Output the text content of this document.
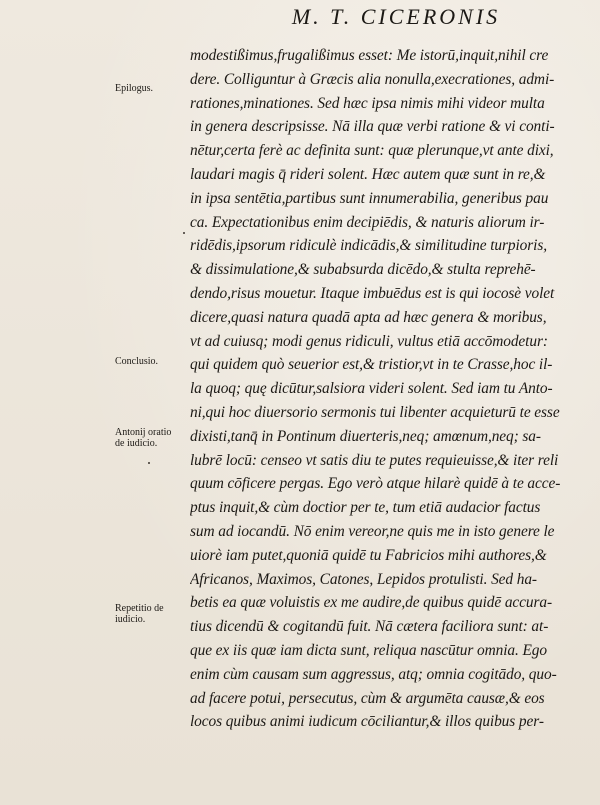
M. T. CICERONIS
Epilogus.
Conclusio.
Antonij oratio
de iudicio.
Repetitio de
iudicio.
modestißimus,frugalißimus esset: Me istorū,inquit,nihil cre
dere. Colliguntur à Græcis alia nonulla,execrationes, admi-
rationes,minationes. Sed hæc ipsa nimis mihi videor multa
in genera descripsisse. Nā illa quæ verbi ratione & vi conti-
nētur,certa ferè ac definita sunt: quæ plerunque,vt ante dixi,
laudari magis q̄ rideri solent. Hæc autem quæ sunt in re,&
in ipsa sentētia,partibus sunt innumerabilia, generibus pau
ca. Expectationibus enim decipiēdis, & naturis aliorum ir-
ridēdis,ipsorum ridiculè indicādis,& similitudine turpioris,
& dissimulatione,& subabsurda dicēdo,& stulta reprehē-
dendo,risus mouetur. Itaque imbuēdus est is qui iocosè volet
dicere,quasi natura quadā apta ad hæc genera & moribus,
vt ad cuiusq; modi genus ridiculi, vultus etiā accōmodetur:
qui quidem quò seuerior est,& tristior,vt in te Crasse,hoc il-
la quoq; quę dicūtur,salsiora videri solent. Sed iam tu Anto-
ni,qui hoc diuersorio sermonis tui libenter acquieturū te esse
dixisti,tanq̄ in Pontinum diuerteris,neq; amœnum,neq; sa-
lubrē locū: censeo vt satis diu te putes requieuisse,& iter reli
quum cōficere pergas. Ego verò atque hilarè quidē à te acce-
ptus inquit,& cùm doctior per te, tum etiā audacior factus
sum ad iocandū. Nō enim vereor,ne quis me in isto genere le
uiorè iam putet,quoniā quidē tu Fabricios mihi authores,&
Africanos, Maximos, Catones, Lepidos protulisti. Sed ha-
betis ea quæ voluistis ex me audire,de quibus quidē accura-
tius dicendū & cogitandū fuit. Nā cætera faciliora sunt: at-
que ex iis quæ iam dicta sunt, reliqua nascūtur omnia. Ego
enim cùm causam sum aggressus, atq; omnia cogitādo, quo-
ad facere potui, persecutus, cùm & argumēta causæ,& eos
locos quibus animi iudicum cōciliantur,& illos quibus per-
